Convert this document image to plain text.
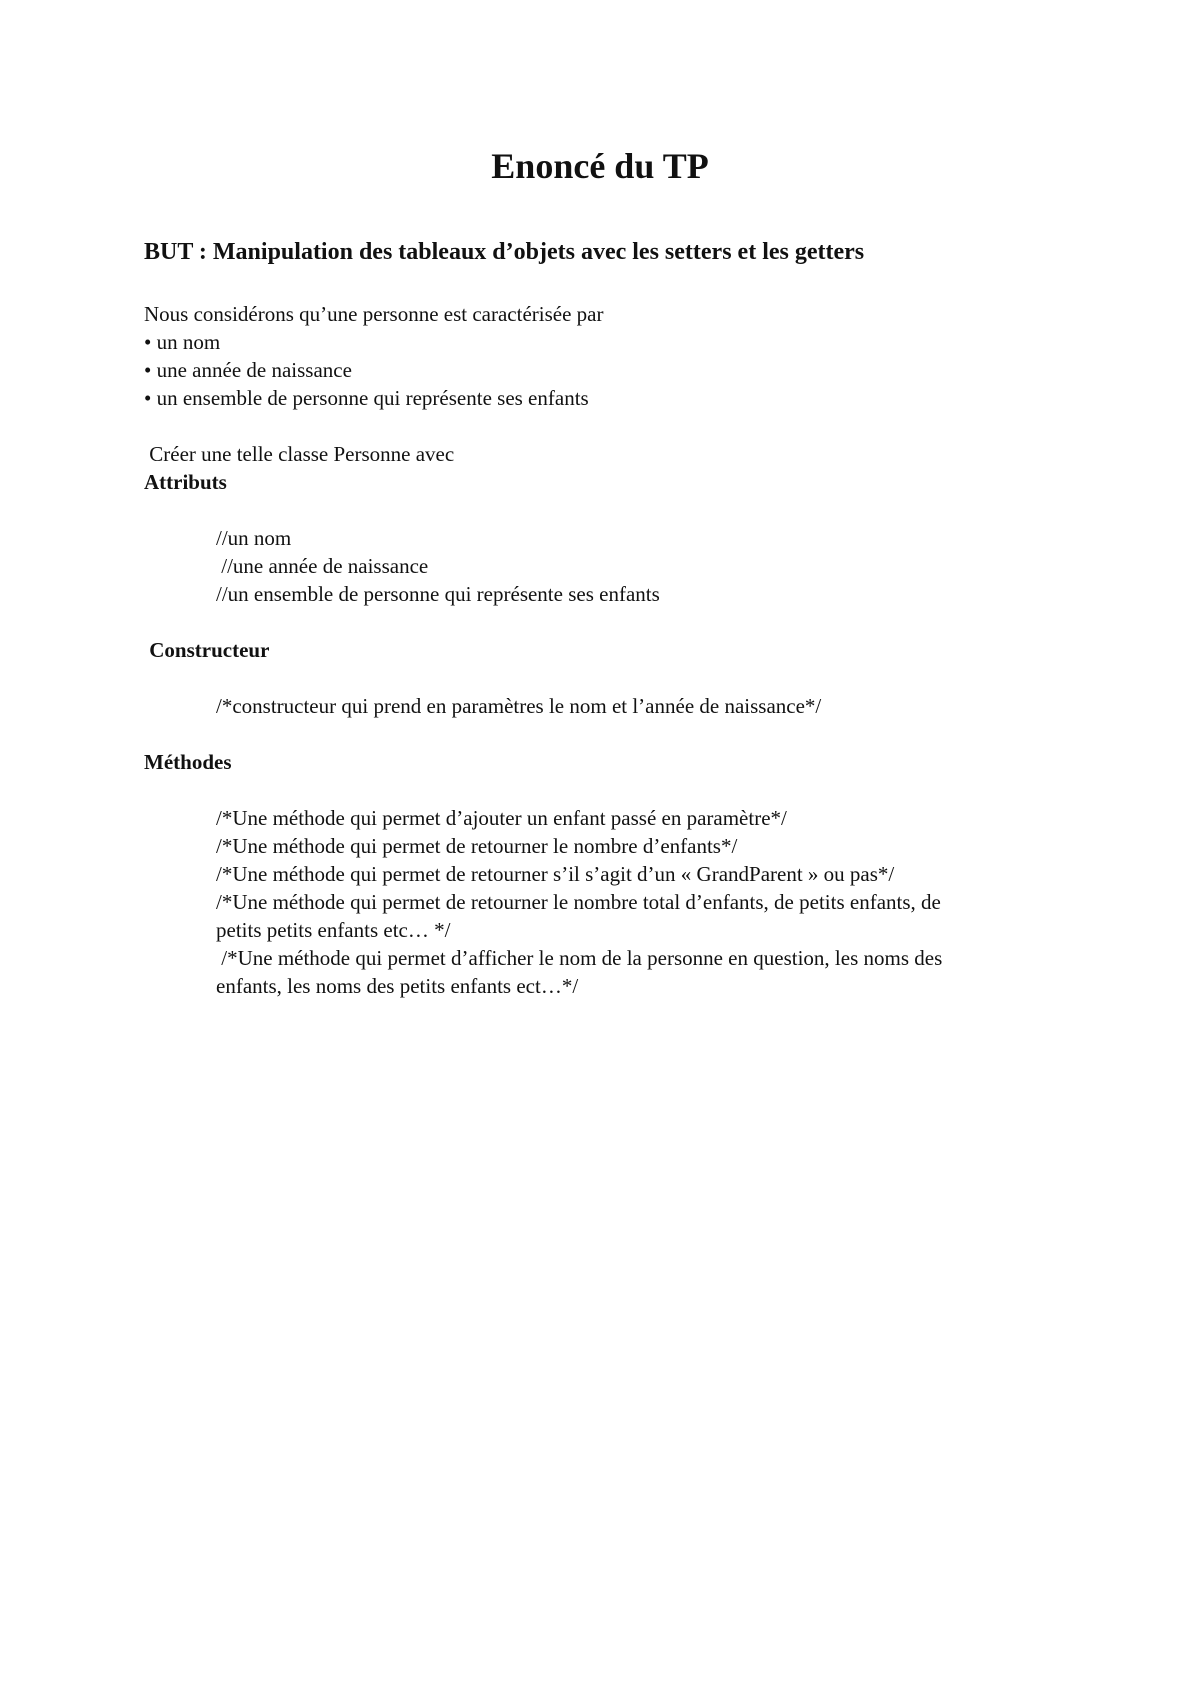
Enoncé du TP
BUT : Manipulation des tableaux d’objets avec les setters et les getters

Nous considérons qu’une personne est caractérisée par

• un nom

• une année de naissance

• un ensemble de personne qui représente ses enfants

Créer une telle classe Personne avec

Attributs

//un nom

//une année de naissance

//un ensemble de personne qui représente ses enfants

Constructeur

/*constructeur qui prend en paramètres le nom et l’année de naissance*/

Méthodes

/*Une méthode qui permet d’ajouter un enfant passé en paramètre*/

/*Une méthode qui permet de retourner le nombre d’enfants*/

/*Une méthode qui permet de retourner s’il s’agit d’un « GrandParent » ou pas*/

/*Une méthode qui permet de retourner le nombre total d’enfants, de petits enfants, de

petits petits enfants etc… */

/*Une méthode qui permet d’afficher le nom de la personne en question, les noms des

enfants, les noms des petits enfants ect…*/
